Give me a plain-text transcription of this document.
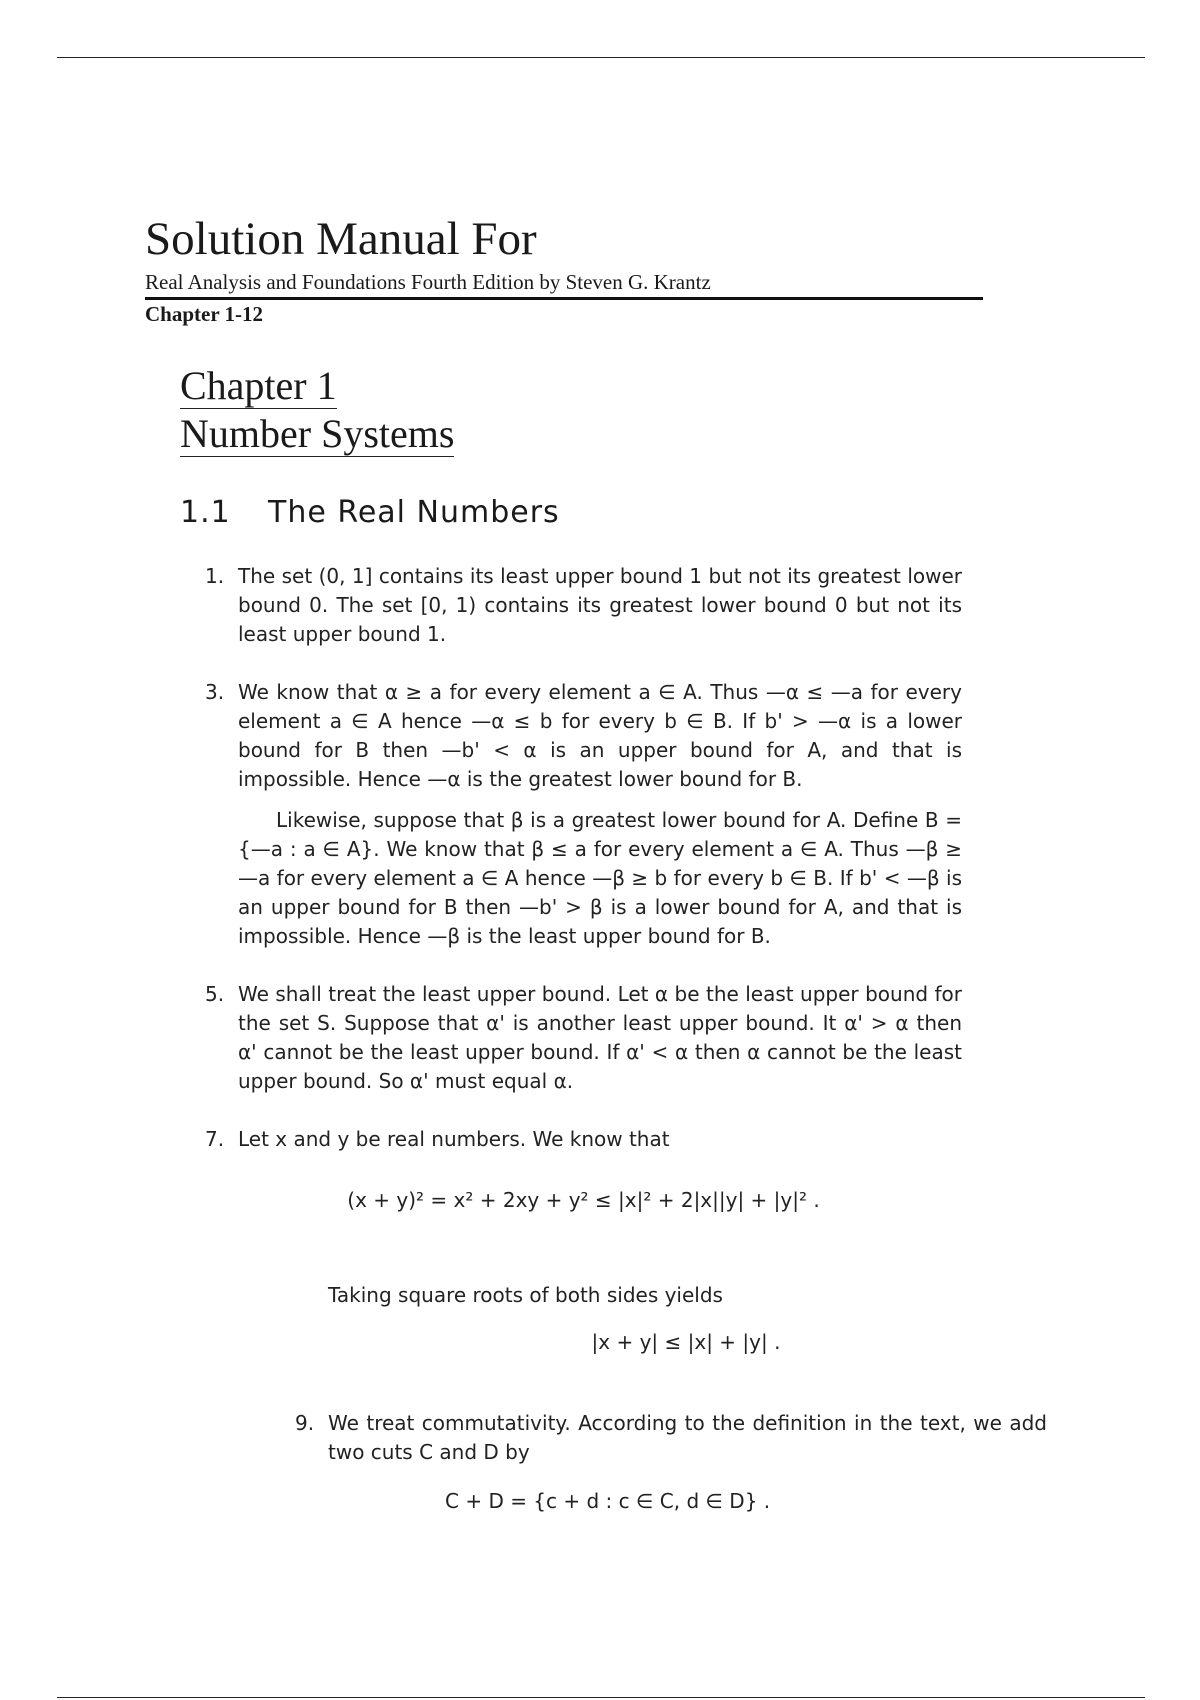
Solution Manual For
Real Analysis and Foundations Fourth Edition by Steven G. Krantz
Chapter 1-12
Chapter 1
Number Systems
1.1 The Real Numbers
1. The set (0, 1] contains its least upper bound 1 but not its greatest lower bound 0. The set [0, 1) contains its greatest lower bound 0 but not its least upper bound 1.
3. We know that α ≥ a for every element a ∈ A. Thus —α ≤ —a for every element a ∈ A hence —α ≤ b for every b ∈ B. If b' > —α is a lower bound for B then —b' < α is an upper bound for A, and that is impossible. Hence —α is the greatest lower bound for B.
Likewise, suppose that β is a greatest lower bound for A. Define B = {—a : a ∈ A}. We know that β ≤ a for every element a ∈ A. Thus —β ≥ —a for every element a ∈ A hence —β ≥ b for every b ∈ B. If b' < —β is an upper bound for B then —b' > β is a lower bound for A, and that is impossible. Hence —β is the least upper bound for B.
5. We shall treat the least upper bound. Let α be the least upper bound for the set S. Suppose that α' is another least upper bound. It α' > α then α' cannot be the least upper bound. If α' < α then α cannot be the least upper bound. So α' must equal α.
7. Let x and y be real numbers. We know that
(x + y)² = x² + 2xy + y² ≤ |x|² + 2|x||y| + |y|² .
Taking square roots of both sides yields
|x + y| ≤ |x| + |y| .
9. We treat commutativity. According to the definition in the text, we add two cuts C and D by
C + D = {c + d : c ∈ C, d ∈ D} .
